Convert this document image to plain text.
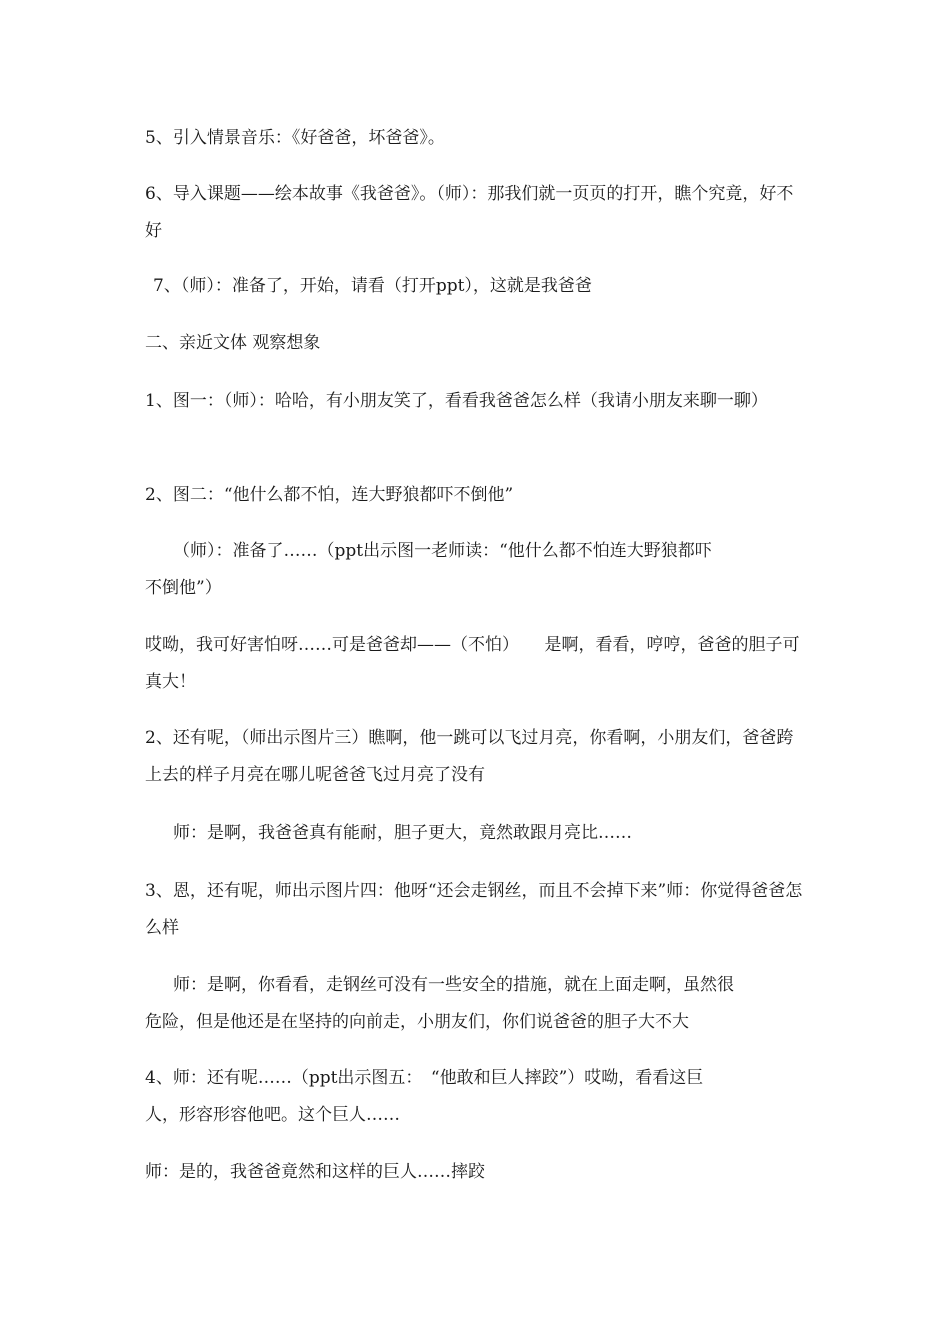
5、引入情景音乐：《好爸爸，坏爸爸》。

6、导入课题——绘本故事《我爸爸》。（师）：那我们就一页页的打开，瞧个究竟，好不好

7、（师）：准备了，开始，请看（打开ppt），这就是我爸爸

二、亲近文体 观察想象

1、图一：（师）：哈哈，有小朋友笑了，看看我爸爸怎么样（我请小朋友来聊一聊）

2、图二：“他什么都不怕，连大野狼都吓不倒他”

（师）：准备了……（ppt出示图一老师读：“他什么都不怕连大野狼都吓

不倒他”）

哎呦，我可好害怕呀……可是爸爸却——（不怕）　　是啊，看看，哼哼，爸爸的胆子可真大！

2、还有呢，（师出示图片三）瞧啊，他一跳可以飞过月亮，你看啊，小朋友们，爸爸跨上去的样子月亮在哪儿呢爸爸飞过月亮了没有

师：是啊，我爸爸真有能耐，胆子更大，竟然敢跟月亮比……

3、恩，还有呢，师出示图片四：他呀“还会走钢丝，而且不会掉下来”师：你觉得爸爸怎么样

师：是啊，你看看，走钢丝可没有一些安全的措施，就在上面走啊，虽然很

危险，但是他还是在坚持的向前走，小朋友们，你们说爸爸的胆子大不大

4、师：还有呢……（ppt出示图五：　“他敢和巨人摔跤”）哎呦，看看这巨

人，形容形容他吧。这个巨人……

师：是的，我爸爸竟然和这样的巨人……摔跤
